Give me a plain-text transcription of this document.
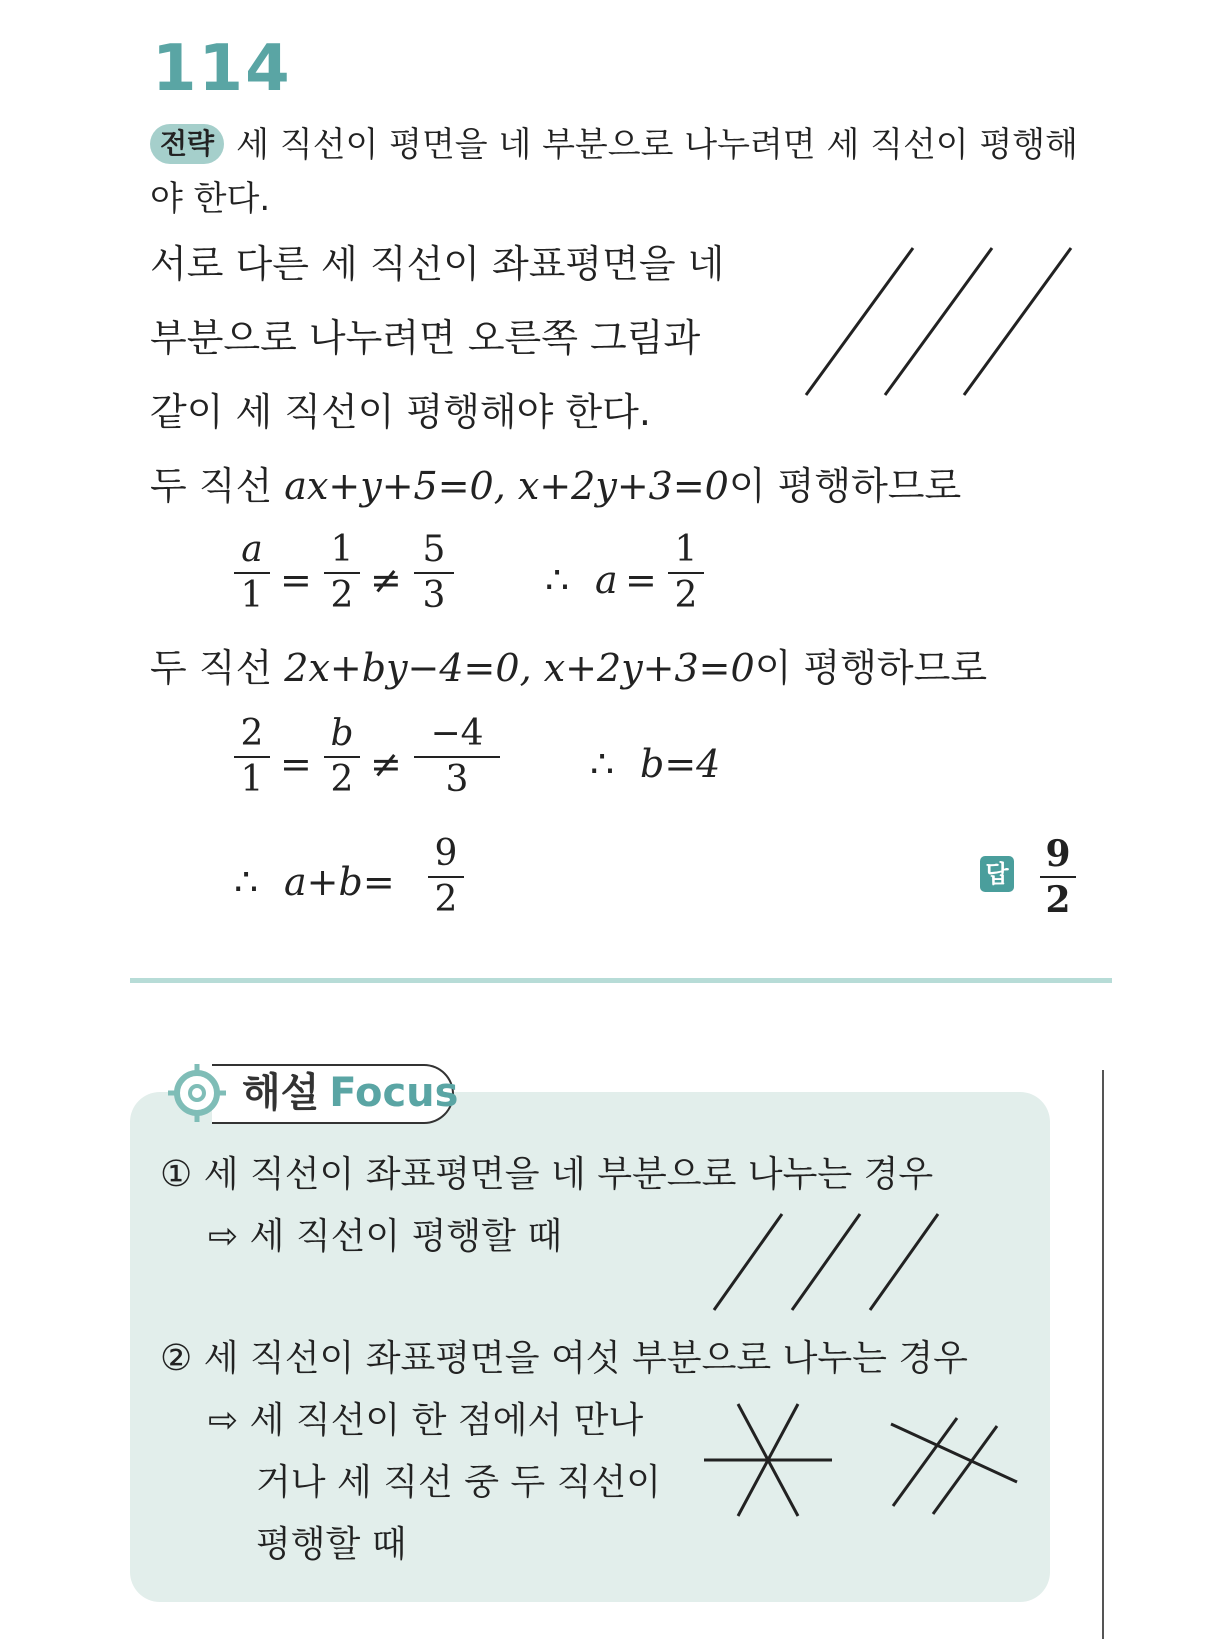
114
전략 세 직선이 평면을 네 부분으로 나누려면 세 직선이 평행해
야 한다.
서로 다른 세 직선이 좌표평면을 네
부분으로 나누려면 오른쪽 그림과
같이 세 직선이 평행해야 한다.
두 직선 ax+y+5=0, x+2y+3=0이 평행하므로
a
1 =
1
2 ≠
5
3	∴ a =
1
2
두 직선 2x+by−4=0, x+2y+3=0이 평행하므로
2
1 =
b
2 ≠
−4
3	∴ b=4
∴ a+b=
9
2
답 9
2
해설 Focus
① 세 직선이 좌표평면을 네 부분으로 나누는 경우
⇨ 세 직선이 평행할 때
② 세 직선이 좌표평면을 여섯 부분으로 나누는 경우
⇨ 세 직선이 한 점에서 만나
거나 세 직선 중 두 직선이
평행할 때
